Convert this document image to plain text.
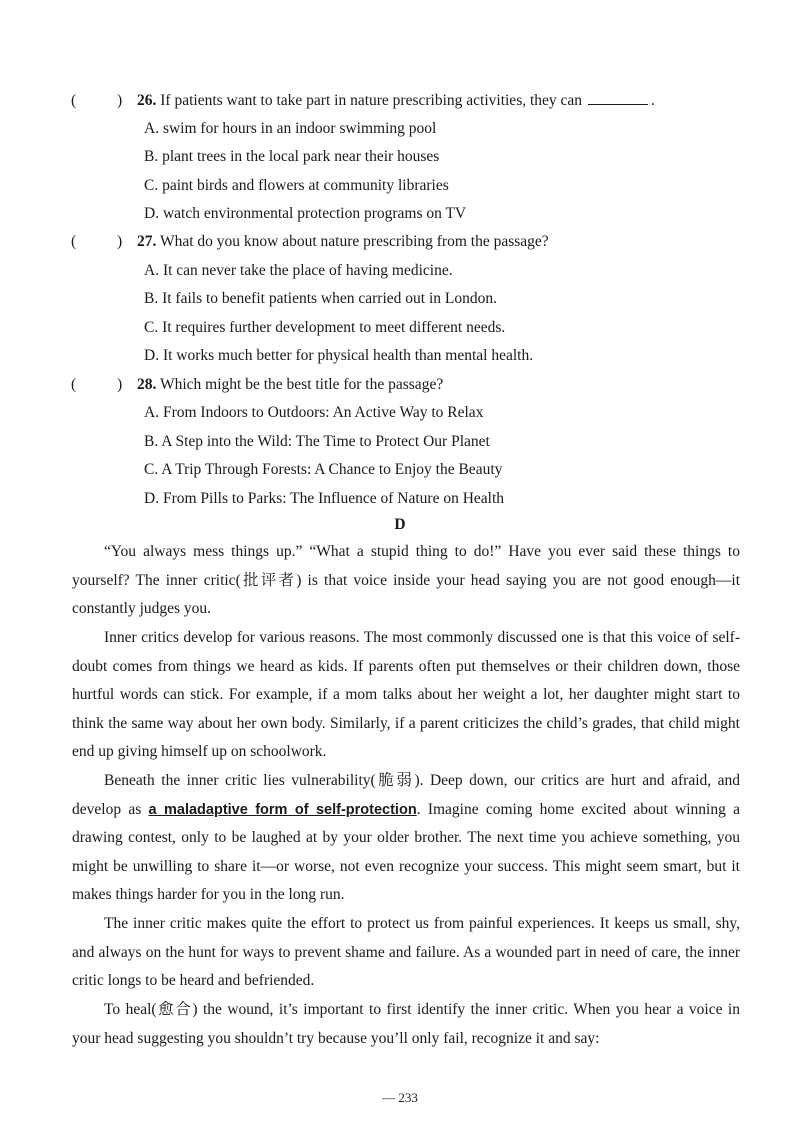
(	) 26. If patients want to take part in nature prescribing activities, they can	.
A. swim for hours in an indoor swimming pool
B. plant trees in the local park near their houses
C. paint birds and flowers at community libraries
D. watch environmental protection programs on TV
(	) 27. What do you know about nature prescribing from the passage?
A. It can never take the place of having medicine.
B. It fails to benefit patients when carried out in London.
C. It requires further development to meet different needs.
D. It works much better for physical health than mental health.
(	) 28. Which might be the best title for the passage?
A. From Indoors to Outdoors: An Active Way to Relax
B. A Step into the Wild: The Time to Protect Our Planet
C. A Trip Through Forests: A Chance to Enjoy the Beauty
D. From Pills to Parks: The Influence of Nature on Health
D

“You always mess things up.” “What a stupid thing to do!” Have you ever said these things to yourself? The inner critic(批评者) is that voice inside your head saying you are not good enough—it constantly judges you.

Inner critics develop for various reasons. The most commonly discussed one is that this voice of self-doubt comes from things we heard as kids. If parents often put themselves or their children down, those hurtful words can stick. For example, if a mom talks about her weight a lot, her daughter might start to think the same way about her own body. Similarly, if a parent criticizes the child’s grades, that child might end up giving himself up on schoolwork.

Beneath the inner critic lies vulnerability(脆弱). Deep down, our critics are hurt and afraid, and develop as a maladaptive form of self-protection. Imagine coming home excited about winning a drawing contest, only to be laughed at by your older brother. The next time you achieve something, you might be unwilling to share it—or worse, not even recognize your success. This might seem smart, but it makes things harder for you in the long run.

The inner critic makes quite the effort to protect us from painful experiences. It keeps us small, shy, and always on the hunt for ways to prevent shame and failure. As a wounded part in need of care, the inner critic longs to be heard and befriended.

To heal(愈合) the wound, it’s important to first identify the inner critic. When you hear a voice in your head suggesting you shouldn’t try because you’ll only fail, recognize it and say:

— 233
